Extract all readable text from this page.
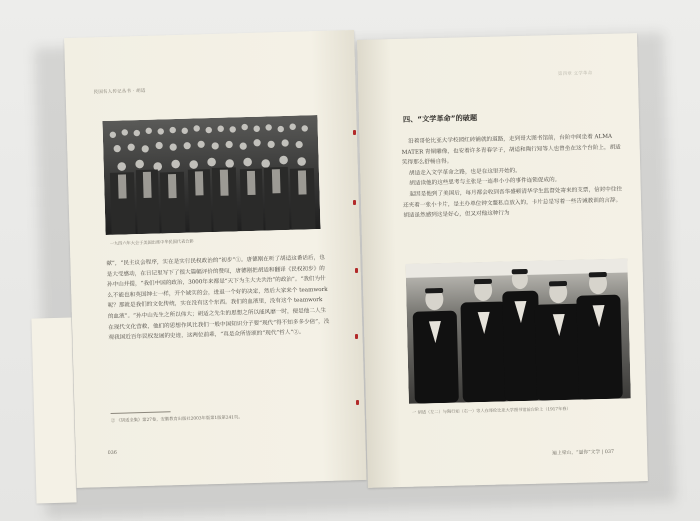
民国名人传记丛书 · 胡适
一九四六年大会于美国出席中华民国代表合影

献”，“民主议会程序，实在是实行民权政治的“初步”①。唐德刚在听了胡适这番话后，也是大受感动，在日记里写下了很大篇幅评价的赞叹，唐德刚把胡适和翻译《民权初步》的孙中山并提，“我们中国的政治，3000年来都是“天下为主大夫共治”的政治”。“我们为什么不能也和英国绅士一样，开个诚实的会，进退一个好的决定，然后大家来个 teamwork 呢？那就是我们的文化传统，实在没有这个东西。我们的血液里，没有这个 teamwork 的血液”。“孙中山先生之所以伟大；胡适之先生的思想之所以能风靡一时，便是他二人生在现代文化营救，他们的思想作风比我们一般中国知识分子要“现代”得不知多多少倍”，没观我国近百年民权发展的史迹，这两位前辈，“真是众所皆颂的“现代”哲人”②。

② 《胡适全集》第27卷，安徽教育出版社2003年版第1版第241页。
036
第四章 文学革命
四、“文学革命”的破题

沿着哥伦比亚大学校园红砖铺就的道路，走到哥大图书馆前，台阶中间坐着 ALMA MATER 青铜雕像，也安着许多青春学子，胡适和陶行知等人也曾坐在这个台阶上，胡适笑得那么舒畅自得。

胡适走入文学革命之路，也是在这里开始的。

胡适读他的这些思考与主张是一连串小小的事件连锁促成的。

起因是他到了美国后，每月都会收到吾华盛顿清华学生监督处寄来的支票，信封中往往还夹着一张小卡片，是主办单位钟文鳌私自放入的，卡片总是写着一些告诫教训的言辞。胡适虽然感到这是好心，但又对他这种行为

一 胡适（左二）与陶行知（右一）等人在哥伦比亚大学图书馆前台阶上（1917年春）
遍上梁山，“逼你”文学 | 037
